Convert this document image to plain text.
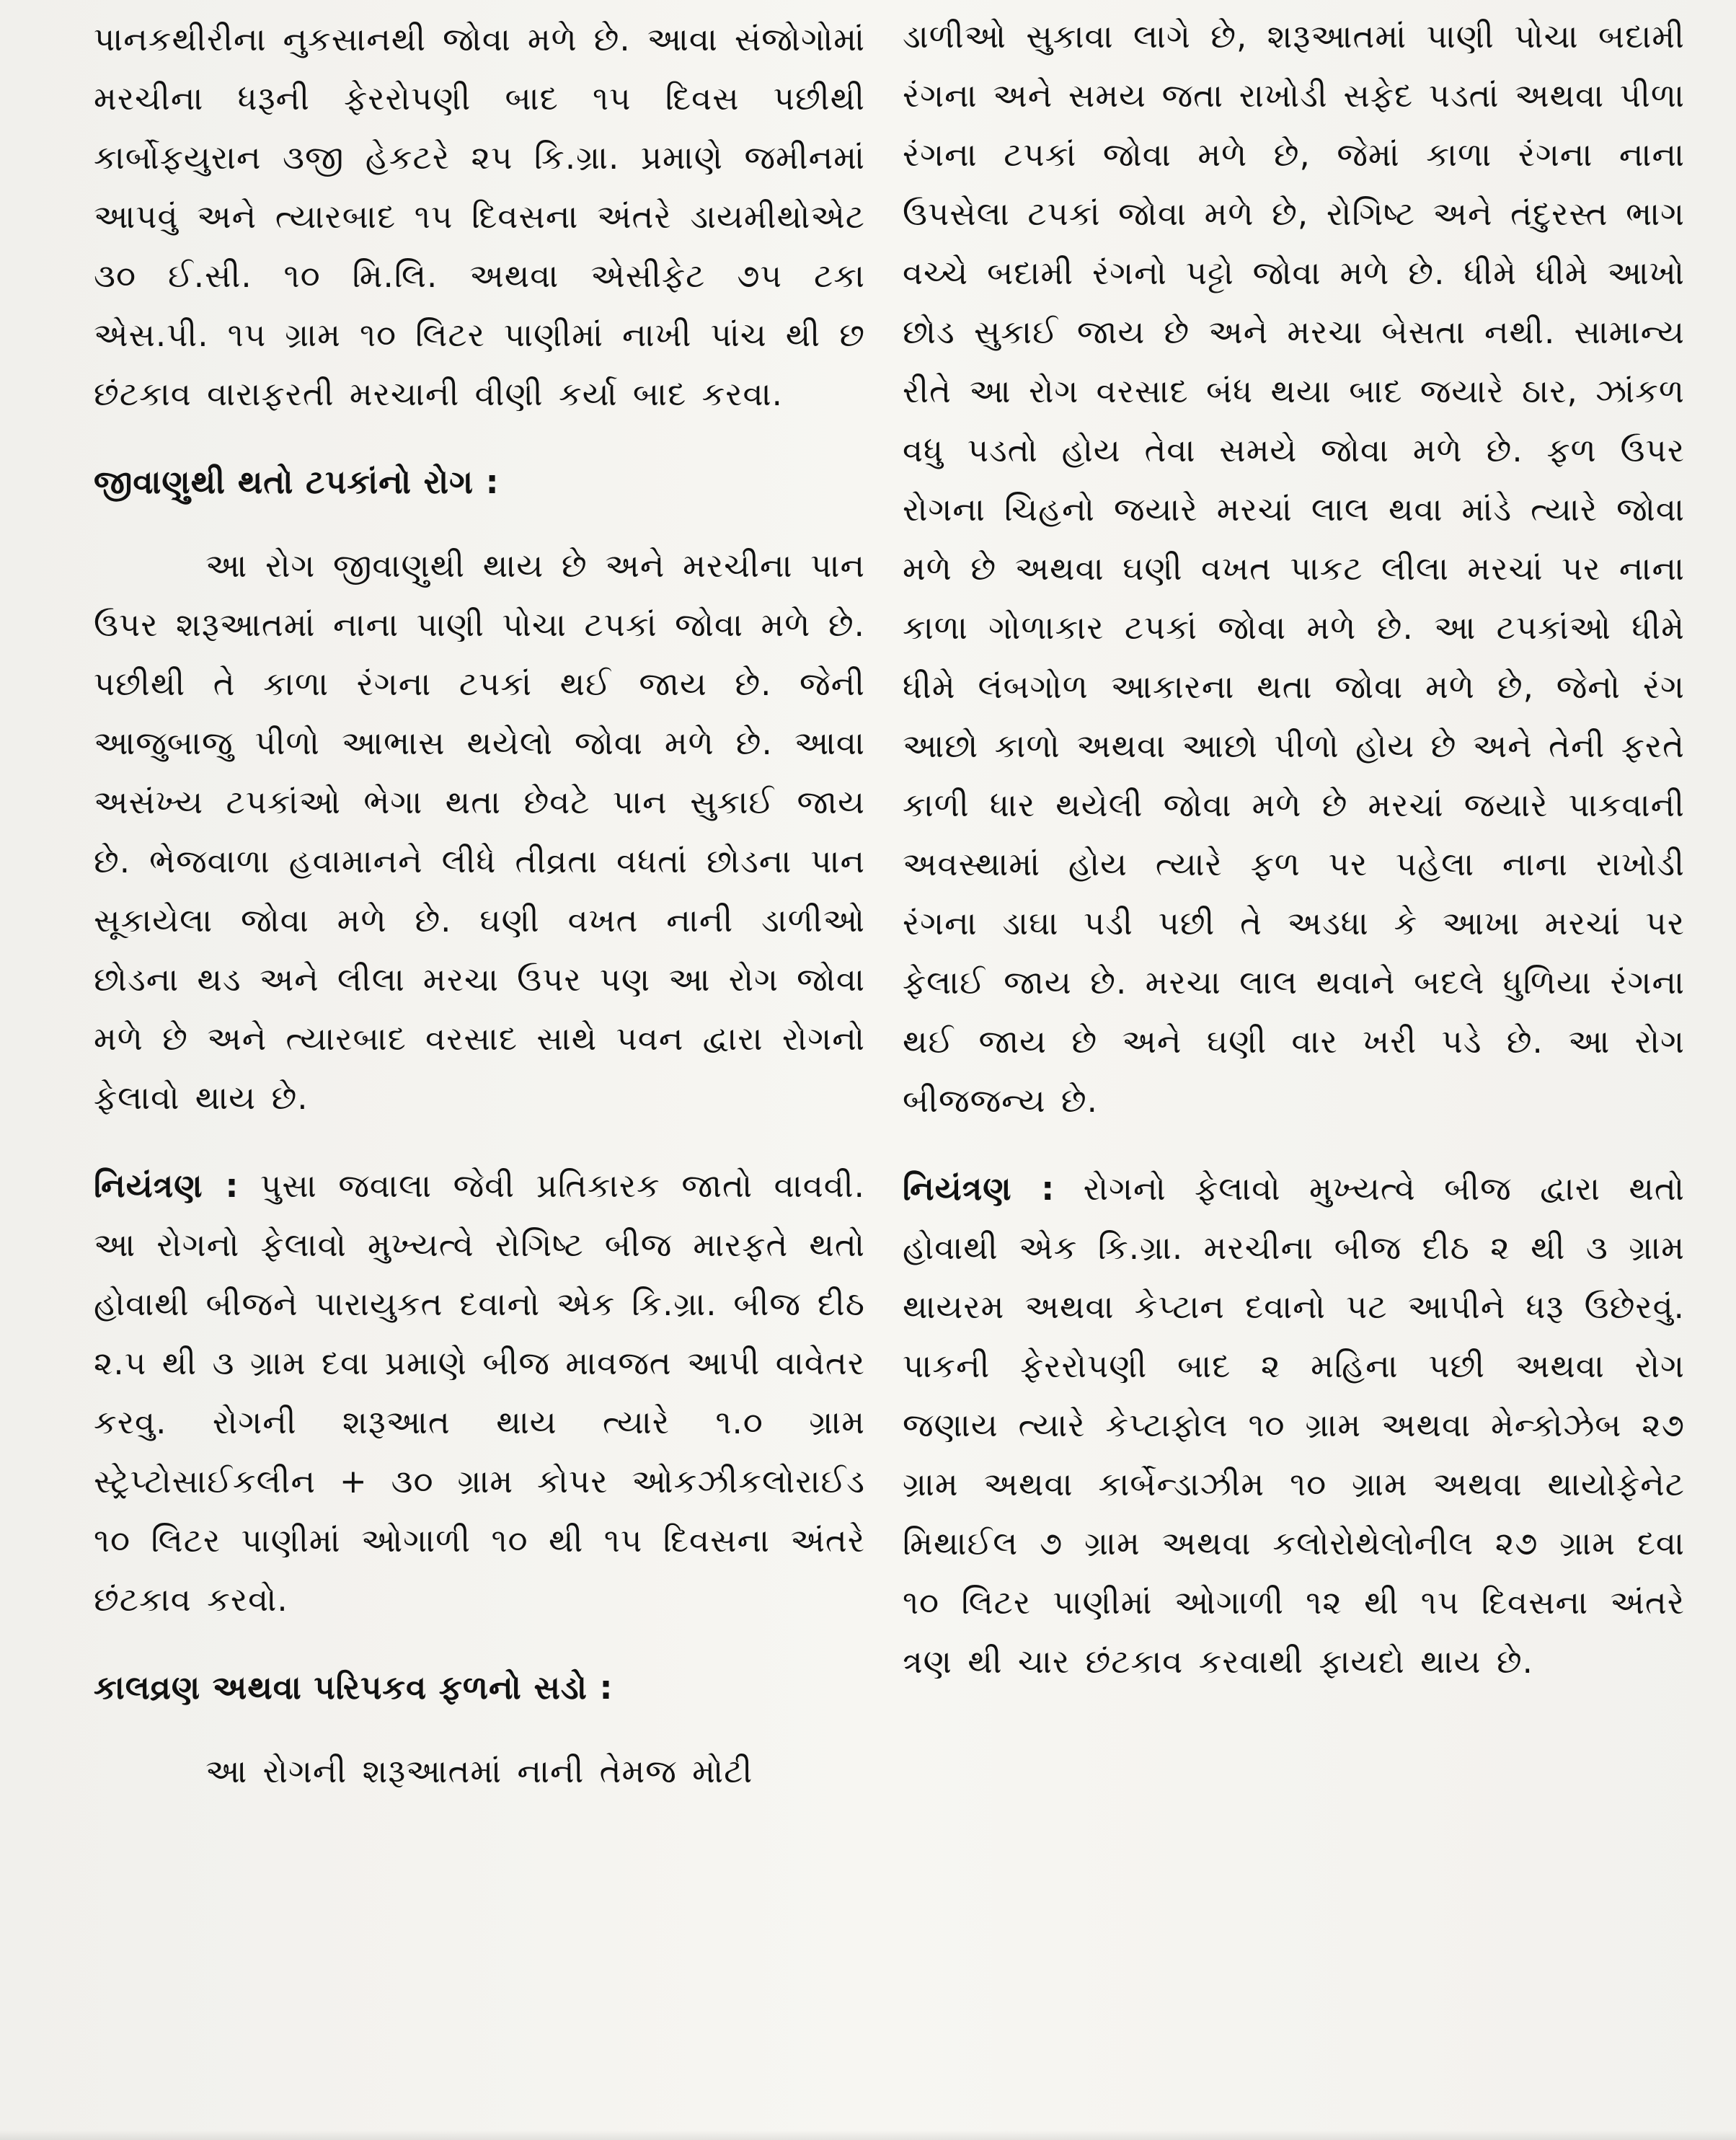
પાનકથીરીના નુકસાનથી જોવા મળે છે. આવા સંજોગોમાં મરચીના ધરૂની ફેરરોપણી બાદ ૧૫ દિવસ પછીથી કાર્બોફયુરાન ૩જી હેકટરે ૨૫ કિ.ગ્રા. પ્રમાણે જમીનમાં આપવું અને ત્યારબાદ ૧૫ દિવસના અંતરે ડાયમીથોએટ ૩૦ ઈ.સી. ૧૦ મિ.લિ. અથવા એસીફેટ ૭૫ ટકા એસ.પી. ૧૫ ગ્રામ ૧૦ લિટર પાણીમાં નાખી પાંચ થી છ છંટકાવ વારાફરતી મરચાની વીણી કર્યા બાદ કરવા.

જીવાણુથી થતો ટપકાંનો રોગ :

આ રોગ જીવાણુથી થાય છે અને મરચીના પાન ઉપર શરૂઆતમાં નાના પાણી પોચા ટપકાં જોવા મળે છે. પછીથી તે કાળા રંગના ટપકાં થઈ જાય છે. જેની આજુબાજુ પીળો આભાસ થયેલો જોવા મળે છે. આવા અસંખ્ય ટપકાંઓ ભેગા થતા છેવટે પાન સુકાઈ જાય છે. ભેજવાળા હવામાનને લીધે તીવ્રતા વધતાં છોડના પાન સૂકાયેલા જોવા મળે છે. ઘણી વખત નાની ડાળીઓ છોડના થડ અને લીલા મરચા ઉપર પણ આ રોગ જોવા મળે છે અને ત્યારબાદ વરસાદ સાથે પવન દ્વારા રોગનો ફેલાવો થાય છે.

નિયંત્રણ : પુસા જવાલા જેવી પ્રતિકારક જાતો વાવવી. આ રોગનો ફેલાવો મુખ્યત્વે રોગિષ્ટ બીજ મારફતે થતો હોવાથી બીજને પારાયુકત દવાનો એક કિ.ગ્રા. બીજ દીઠ ૨.૫ થી ૩ ગ્રામ દવા પ્રમાણે બીજ માવજત આપી વાવેતર કરવુ. રોગની શરૂઆત થાય ત્યારે ૧.૦ ગ્રામ સ્ટ્રેપ્ટોસાઈકલીન + ૩૦ ગ્રામ કોપર ઓકઝીકલોરાઈડ ૧૦ લિટર પાણીમાં ઓગાળી ૧૦ થી ૧૫ દિવસના અંતરે છંટકાવ કરવો.

કાલવ્રણ અથવા પરિપકવ ફળનો સડો :

આ રોગની શરૂઆતમાં નાની તેમજ મોટી

ડાળીઓ સુકાવા લાગે છે, શરૂઆતમાં પાણી પોચા બદામી રંગના અને સમય જતા રાખોડી સફેદ પડતાં અથવા પીળા રંગના ટપકાં જોવા મળે છે, જેમાં કાળા રંગના નાના ઉપસેલા ટપકાં જોવા મળે છે, રોગિષ્ટ અને તંદુરસ્ત ભાગ વચ્ચે બદામી રંગનો પટ્ટો જોવા મળે છે. ધીમે ધીમે આખો છોડ સુકાઈ જાય છે અને મરચા બેસતા નથી. સામાન્ય રીતે આ રોગ વરસાદ બંધ થયા બાદ જયારે ઠાર, ઝાંકળ વધુ પડતો હોય તેવા સમયે જોવા મળે છે. ફળ ઉપર રોગના ચિહનો જયારે મરચાં લાલ થવા માંડે ત્યારે જોવા મળે છે અથવા ઘણી વખત પાકટ લીલા મરચાં પર નાના કાળા ગોળાકાર ટપકાં જોવા મળે છે. આ ટપકાંઓ ધીમે ધીમે લંબગોળ આકારના થતા જોવા મળે છે, જેનો રંગ આછો કાળો અથવા આછો પીળો હોય છે અને તેની ફરતે કાળી ધાર થયેલી જોવા મળે છે મરચાં જયારે પાકવાની અવસ્થામાં હોય ત્યારે ફળ પર પહેલા નાના રાખોડી રંગના ડાઘા પડી પછી તે અડધા કે આખા મરચાં પર ફેલાઈ જાય છે. મરચા લાલ થવાને બદલે ધુળિયા રંગના થઈ જાય છે અને ઘણી વાર ખરી પડે છે. આ રોગ બીજજન્ય છે.

નિયંત્રણ : રોગનો ફેલાવો મુખ્યત્વે બીજ દ્વારા થતો હોવાથી એક કિ.ગ્રા. મરચીના બીજ દીઠ ૨ થી ૩ ગ્રામ થાયરમ અથવા કેપ્ટાન દવાનો પટ આપીને ધરૂ ઉછેરવું. પાકની ફેરરોપણી બાદ ૨ મહિના પછી અથવા રોગ જણાય ત્યારે કેપ્ટાફોલ ૧૦ ગ્રામ અથવા મેન્કોઝેબ ૨૭ ગ્રામ અથવા કાર્બેન્ડાઝીમ ૧૦ ગ્રામ અથવા થાયોફેનેટ મિથાઈલ ૭ ગ્રામ અથવા કલોરોથેલોનીલ ૨૭ ગ્રામ દવા ૧૦ લિટર પાણીમાં ઓગાળી ૧૨ થી ૧૫ દિવસના અંતરે ત્રણ થી ચાર છંટકાવ કરવાથી ફાયદો થાય છે.
